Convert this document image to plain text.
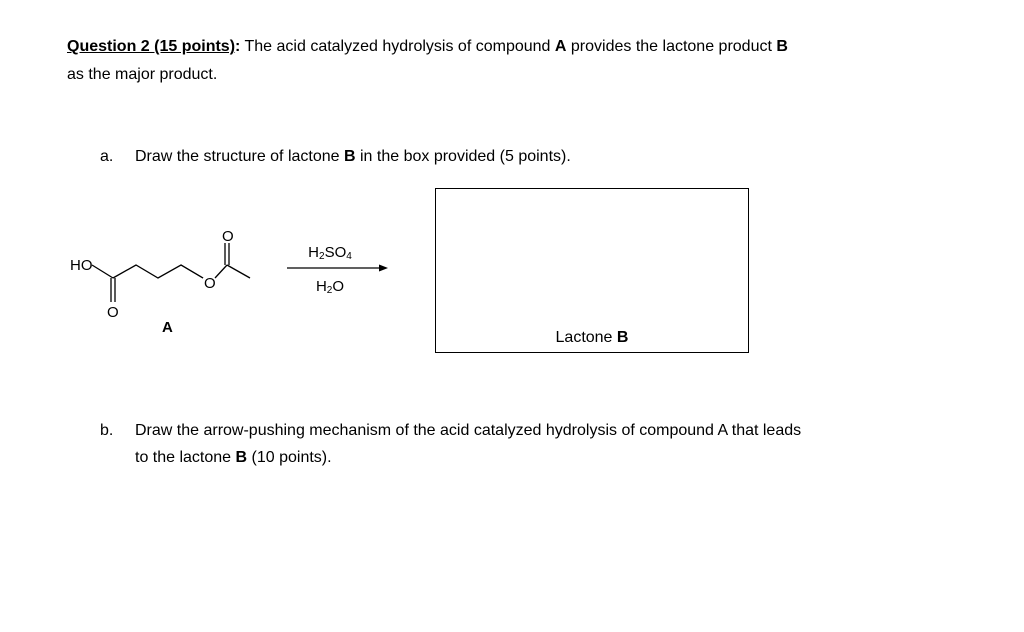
Question 2 (15 points): The acid catalyzed hydrolysis of compound A provides the lactone product B
as the major product.
a. Draw the structure of lactone B in the box provided (5 points).
HO
O
O
O
A
$H_2SO_4$
$H_2O$
Lactone B
b. Draw the arrow-pushing mechanism of the acid catalyzed hydrolysis of compound A that leads
to the lactone B (10 points).
